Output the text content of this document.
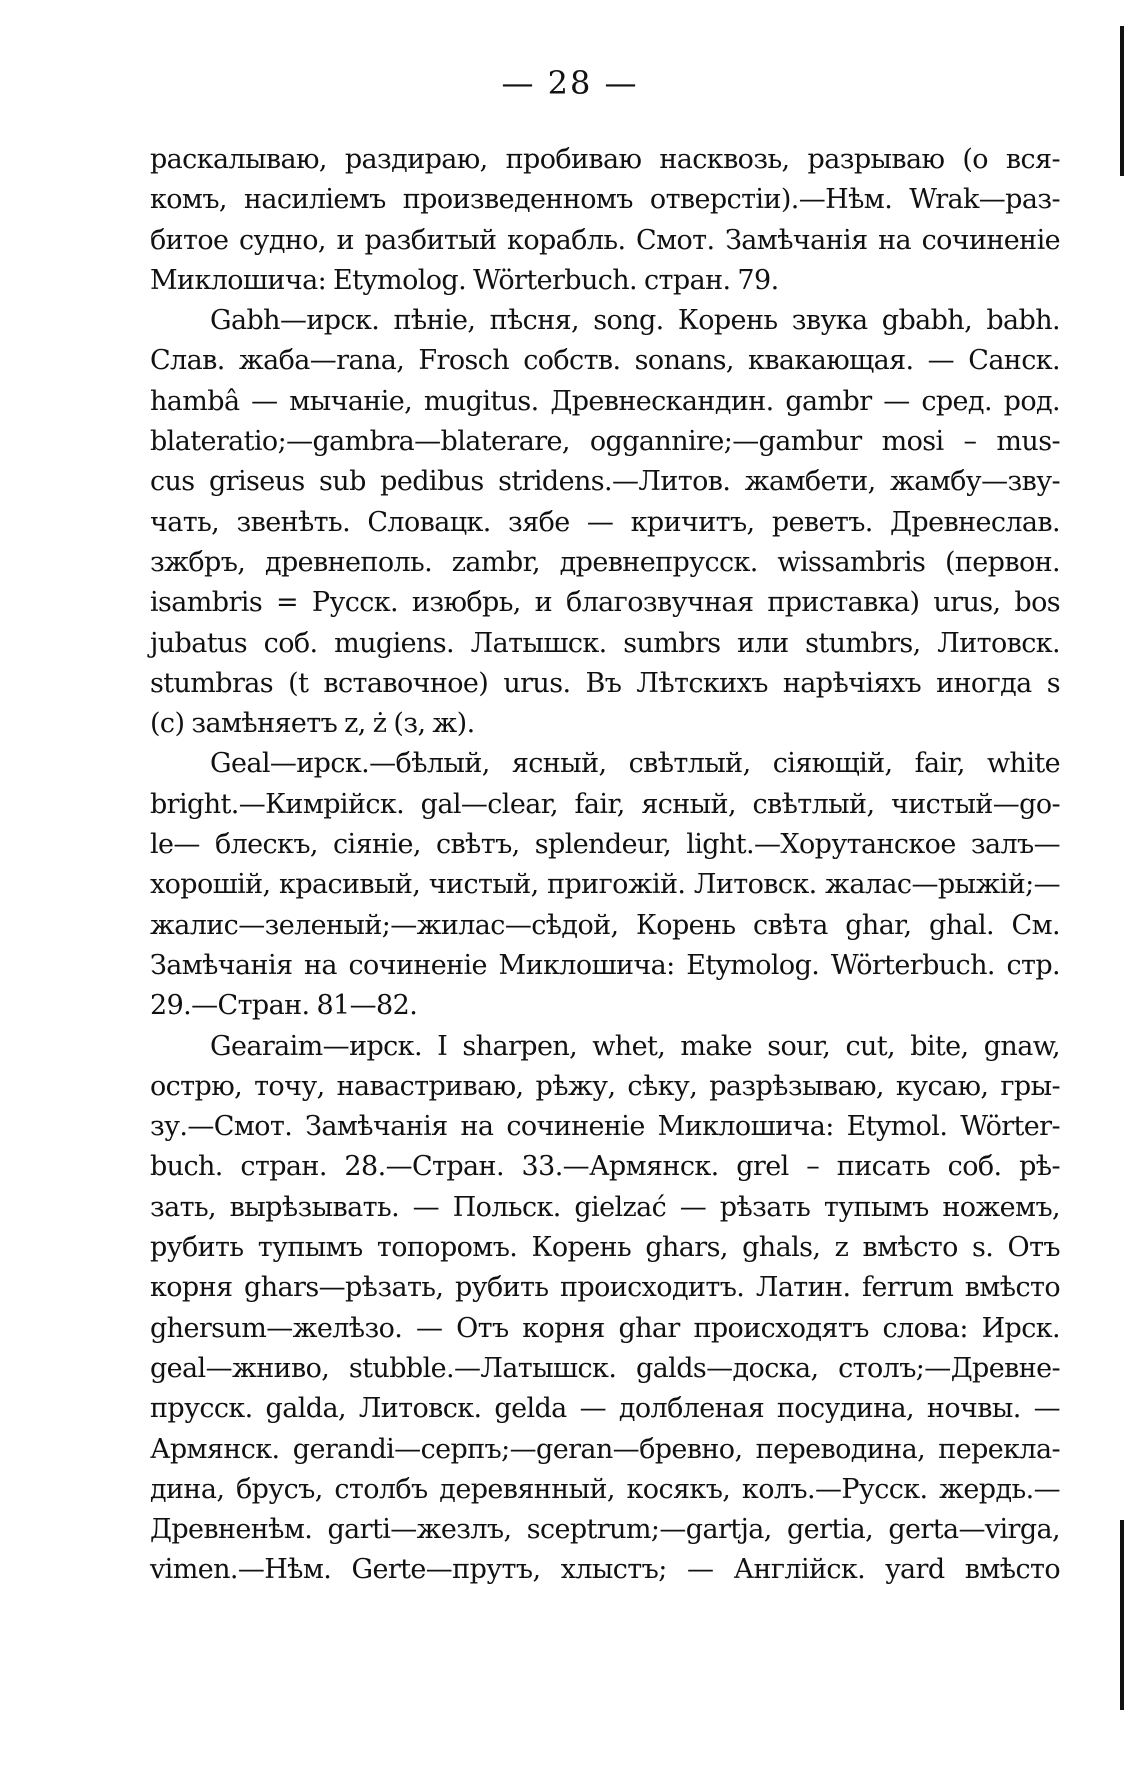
— 28 —
раскалываю, раздираю, пробиваю насквозь, разрываю (о вся-
комъ, насиліемъ произведенномъ отверстіи).—Нѣм. Wrak—раз-
битое судно, и разбитый корабль. Смот. Замѣчанія на сочиненіе
Миклошича: Etymolog. Wörterbuch. стран. 79.
Gabh—ирск. пѣніе, пѣсня, song. Корень звука gbabh, babh.
Слав. жаба—rana, Frosch собств. sonans, квакающая. — Санск.
hambâ — мычаніе, mugitus. Древнескандин. gambr — сред. род.
blateratio;—gambra—blaterare, oggannire;—gambur mosi – mus-
cus griseus sub pedibus stridens.—Литов. жамбети, жамбу—зву-
чать, звенѣть. Словацк. зябе — кричитъ, реветъ. Древнеслав.
зжбръ, древнеполь. zambr, древнепрусск. wissambris (первон.
isambris = Русск. изюбрь, и благозвучная приставка) urus, bos
jubatus соб. mugiens. Латышск. sumbrs или stumbrs, Литовск.
stumbras (t вставочное) urus. Въ Лѣтскихъ нарѣчіяхъ иногда s
(с) замѣняетъ z, ż (з, ж).
Geal—ирск.—бѣлый, ясный, свѣтлый, сіяющій, fair, white
bright.—Кимрійск. gal—clear, fair, ясный, свѣтлый, чистый—go-
le— блескъ, сіяніе, свѣтъ, splendeur, light.—Хорутанское залъ—
хорошій, красивый, чистый, пригожій. Литовск. жалас—рыжій;—
жалис—зеленый;—жилас—сѣдой, Корень свѣта ghar, ghal. См.
Замѣчанія на сочиненіе Миклошича: Etymolog. Wörterbuch. стр.
29.—Стран. 81—82.
Gearaim—ирск. I sharpen, whet, make sour, cut, bite, gnaw,
острю, точу, навастриваю, рѣжу, сѣку, разрѣзываю, кусаю, гры-
зу.—Смот. Замѣчанія на сочиненіе Миклошича: Etymol. Wörter-
buch. стран. 28.—Стран. 33.—Армянск. grel – писать соб. рѣ-
зать, вырѣзывать. — Польск. gielzać — рѣзать тупымъ ножемъ,
рубить тупымъ топоромъ. Корень ghars, ghals, z вмѣсто s. Отъ
корня ghars—рѣзать, рубить происходитъ. Латин. ferrum вмѣсто
ghersum—желѣзо. — Отъ корня ghar происходятъ слова: Ирск.
geal—жниво, stubble.—Латышск. galds—доска, столъ;—Древне-
прусск. galda, Литовск. gelda — долбленая посудина, ночвы. —
Армянск. gerandi—серпъ;—geran—бревно, переводина, перекла-
дина, брусъ, столбъ деревянный, косякъ, колъ.—Русск. жердь.—
Древненѣм. garti—жезлъ, sceptrum;—gartja, gertia, gerta—virga,
vimen.—Нѣм. Gerte—прутъ, хлыстъ; — Англійск. yard вмѣсто
